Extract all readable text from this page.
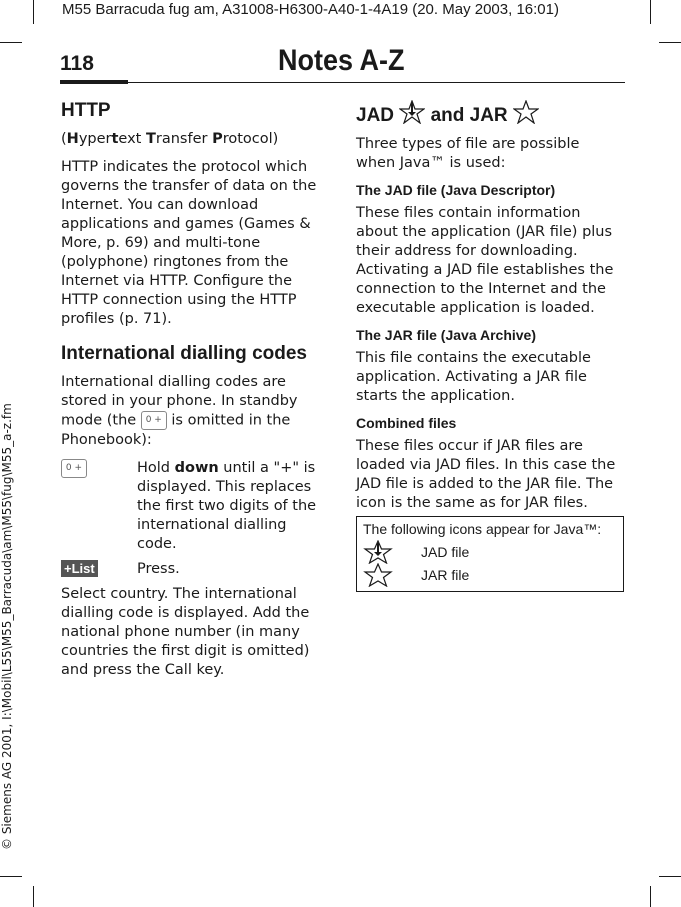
M55 Barracuda fug am, A31008-H6300-A40-1-4A19 (20. May 2003, 16:01)
118	Notes A-Z
© Siemens AG 2001, I:\Mobil\L55\M55_Barracuda\am\M55\fug\M55_a-z.fm
HTTP

(Hypertext Transfer Protocol)

HTTP indicates the protocol which governs the transfer of data on the Internet. You can download applications and games (Games & More, p. 69) and multi-tone (polyphone) ringtones from the Internet via HTTP. Configure the HTTP connection using the HTTP profiles (p. 71).

International dialling codes

International dialling codes are stored in your phone. In standby mode (the 0 + is omitted in the Phonebook):

0 +	Hold down until a "+" is displayed. This replaces the first two digits of the international dialling code.
+List	Press.

Select country. The international dialling code is displayed. Add the national phone number (in many countries the first digit is omitted) and press the Call key.

JAD  and JAR

Three types of file are possible when Java™ is used:

The JAD file (Java Descriptor)

These files contain information about the application (JAR file) plus their address for downloading. Activating a JAD file establishes the connection to the Internet and the executable application is loaded.

The JAR file (Java Archive)

This file contains the executable application. Activating a JAR file starts the application.

Combined files

These files occur if JAR files are loaded via JAD files. In this case the JAD file is added to the JAR file. The icon is the same as for JAR files.

The following icons appear for Java™:
JAD file
JAR file
